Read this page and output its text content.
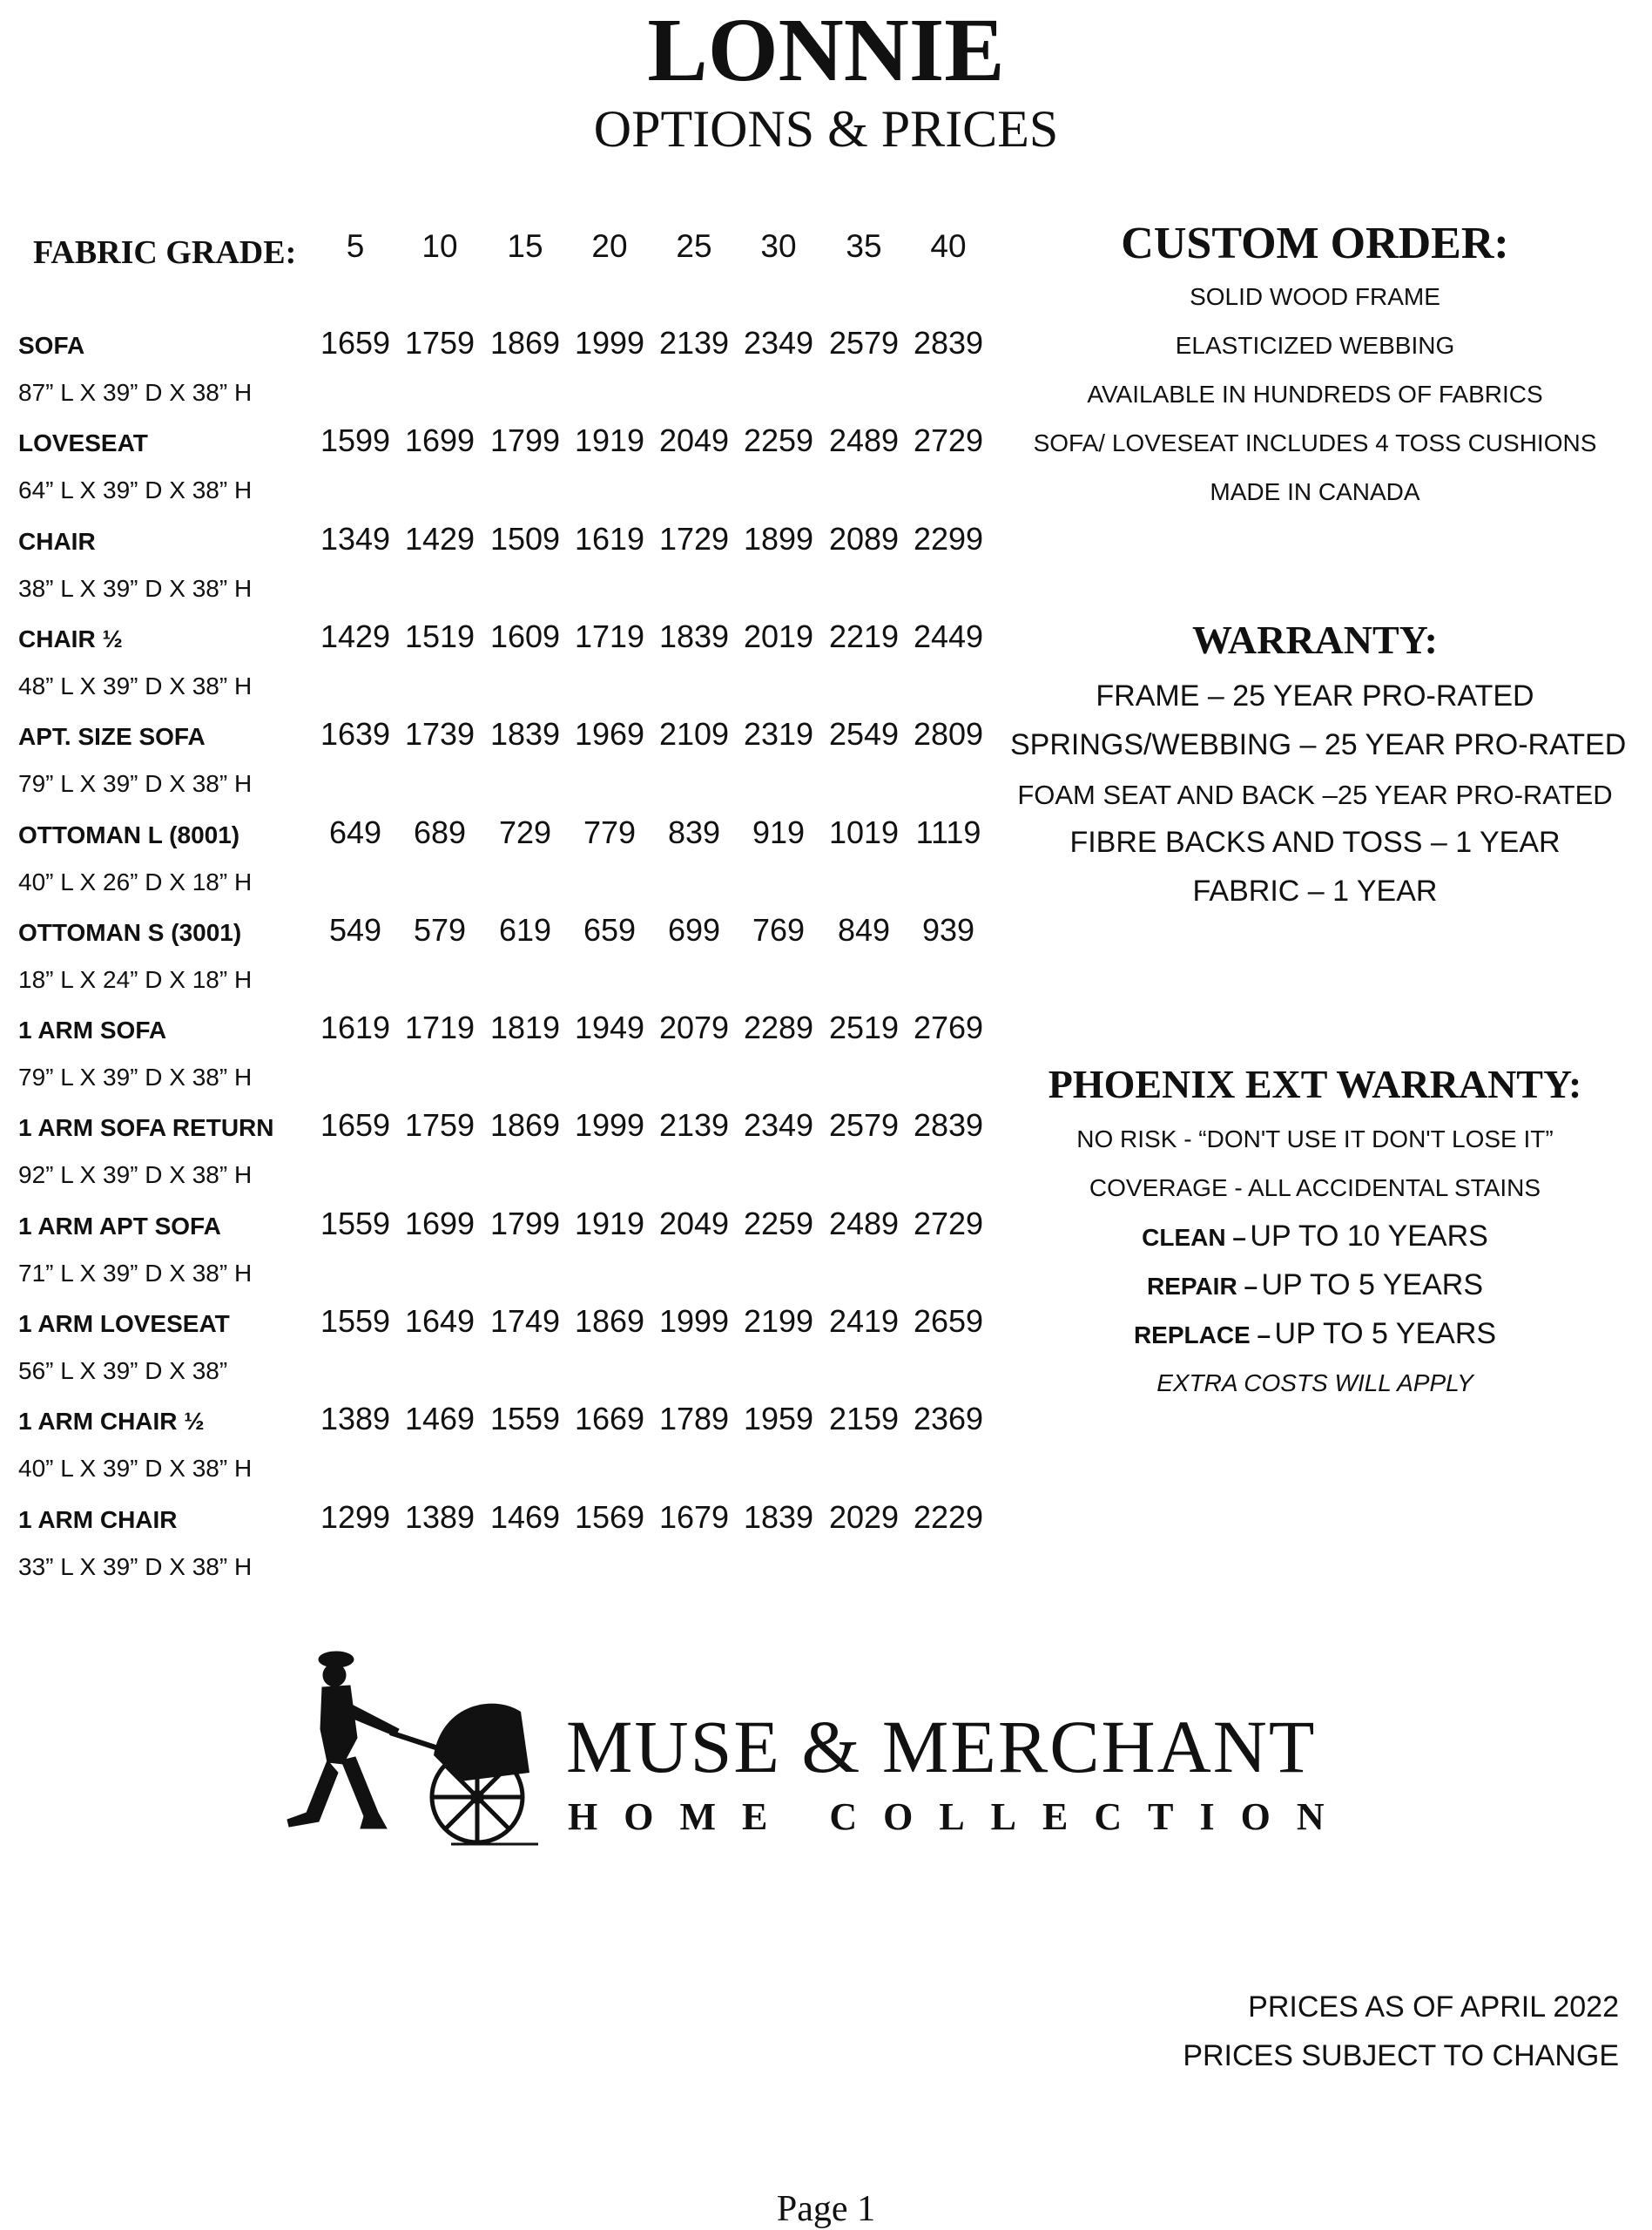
LONNIE
OPTIONS & PRICES
FABRIC GRADE:	5	10	15	20	25	30	35	40
SOFA
87” L X 39” D X 38” H
1659 1759 1869 1999 2139 2349 2579 2839
LOVESEAT
64” L X 39” D X 38” H
1599 1699 1799 1919 2049 2259 2489 2729
CHAIR
38” L X 39” D X 38” H
1349 1429 1509 1619 1729 1899 2089 2299
CHAIR ½
48” L X 39” D X 38” H
1429 1519 1609 1719 1839 2019 2219 2449
APT. SIZE SOFA
79” L X 39” D X 38” H
1639 1739 1839 1969 2109 2319 2549 2809
OTTOMAN L (8001)
40” L X 26” D X 18” H
649	689	729	779	839	919 1019 1119
OTTOMAN S (3001)
18” L X 24” D X 18” H
549	579	619	659	699	769	849	939
1 ARM SOFA
79” L X 39” D X 38” H
1619 1719 1819 1949 2079 2289 2519 2769
1 ARM SOFA RETURN
92” L X 39” D X 38” H
1659 1759 1869 1999 2139 2349 2579 2839
1 ARM APT SOFA
71” L X 39” D X 38” H
1559 1699 1799 1919 2049 2259 2489 2729
1 ARM LOVESEAT
56” L X 39” D X 38”
1559 1649 1749 1869 1999 2199 2419 2659
1 ARM CHAIR ½
40” L X 39” D X 38” H
1389 1469 1559 1669 1789 1959 2159 2369
1 ARM CHAIR
33” L X 39” D X 38” H
1299 1389 1469 1569 1679 1839 2029 2229
CUSTOM ORDER:
SOLID WOOD FRAME
ELASTICIZED WEBBING
AVAILABLE IN HUNDREDS OF FABRICS
SOFA/ LOVESEAT INCLUDES 4 TOSS CUSHIONS
MADE IN CANADA
WARRANTY:
FRAME – 25 YEAR PRO-RATED
SPRINGS/WEBBING – 25 YEAR PRO-RATED
FOAM SEAT AND BACK –25 YEAR PRO-RATED
FIBRE BACKS AND TOSS – 1 YEAR
FABRIC – 1 YEAR
PHOENIX EXT WARRANTY:
NO RISK - “DON'T USE IT DON'T LOSE IT”
COVERAGE - ALL ACCIDENTAL STAINS
CLEAN – UP TO 10 YEARS
REPAIR – UP TO 5 YEARS
REPLACE – UP TO 5 YEARS
EXTRA COSTS WILL APPLY
MUSE & MERCHANT
HOME COLLECTION
PRICES AS OF APRIL 2022
PRICES SUBJECT TO CHANGE
Page 1
